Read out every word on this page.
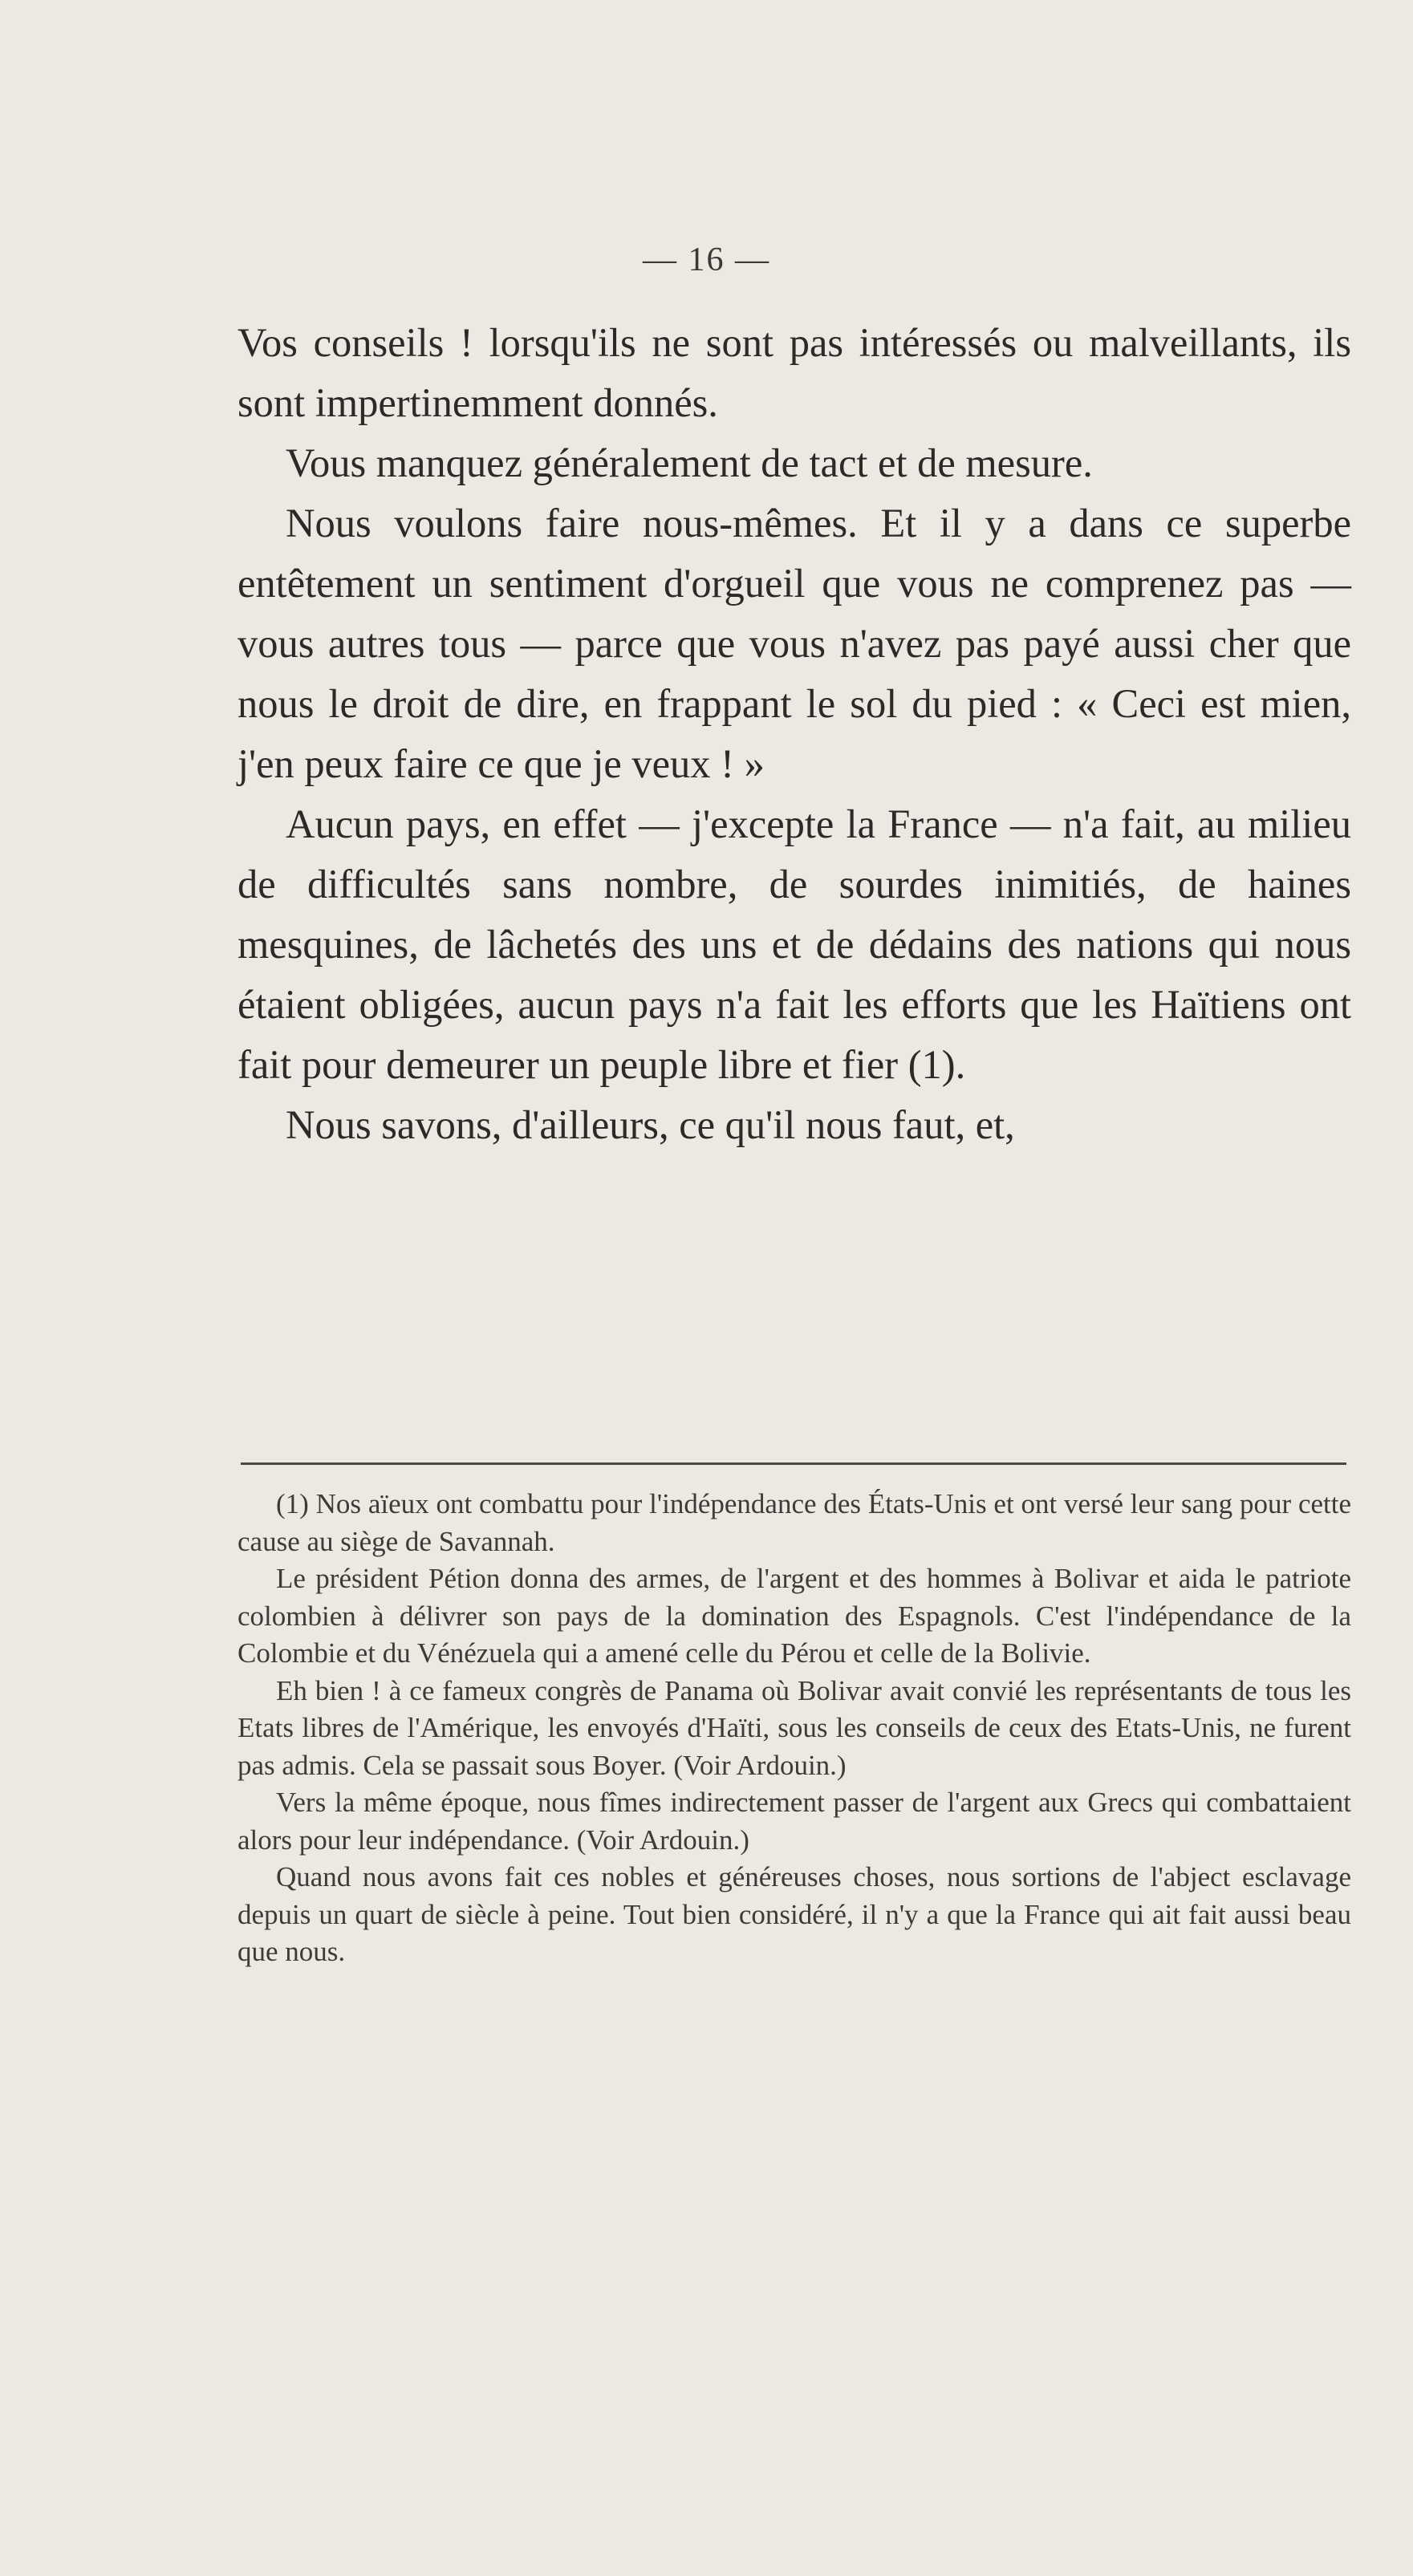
— 16 —

Vos conseils ! lorsqu'ils ne sont pas intéressés ou malveillants, ils sont impertinemment donnés.

Vous manquez généralement de tact et de mesure.

Nous voulons faire nous-mêmes. Et il y a dans ce superbe entêtement un sentiment d'orgueil que vous ne comprenez pas — vous autres tous — parce que vous n'avez pas payé aussi cher que nous le droit de dire, en frappant le sol du pied : « Ceci est mien, j'en peux faire ce que je veux ! »

Aucun pays, en effet — j'excepte la France — n'a fait, au milieu de difficultés sans nombre, de sourdes inimitiés, de haines mesquines, de lâchetés des uns et de dédains des nations qui nous étaient obligées, aucun pays n'a fait les efforts que les Haïtiens ont fait pour demeurer un peuple libre et fier (1).

Nous savons, d'ailleurs, ce qu'il nous faut, et,

(1) Nos aïeux ont combattu pour l'indépendance des États-Unis et ont versé leur sang pour cette cause au siège de Savannah.

Le président Pétion donna des armes, de l'argent et des hommes à Bolivar et aida le patriote colombien à délivrer son pays de la domination des Espagnols. C'est l'indépendance de la Colombie et du Vénézuela qui a amené celle du Pérou et celle de la Bolivie.

Eh bien ! à ce fameux congrès de Panama où Bolivar avait convié les représentants de tous les Etats libres de l'Amérique, les envoyés d'Haïti, sous les conseils de ceux des Etats-Unis, ne furent pas admis. Cela se passait sous Boyer. (Voir Ardouin.)

Vers la même époque, nous fîmes indirectement passer de l'argent aux Grecs qui combattaient alors pour leur indépendance. (Voir Ardouin.)

Quand nous avons fait ces nobles et généreuses choses, nous sortions de l'abject esclavage depuis un quart de siècle à peine. Tout bien considéré, il n'y a que la France qui ait fait aussi beau que nous.
